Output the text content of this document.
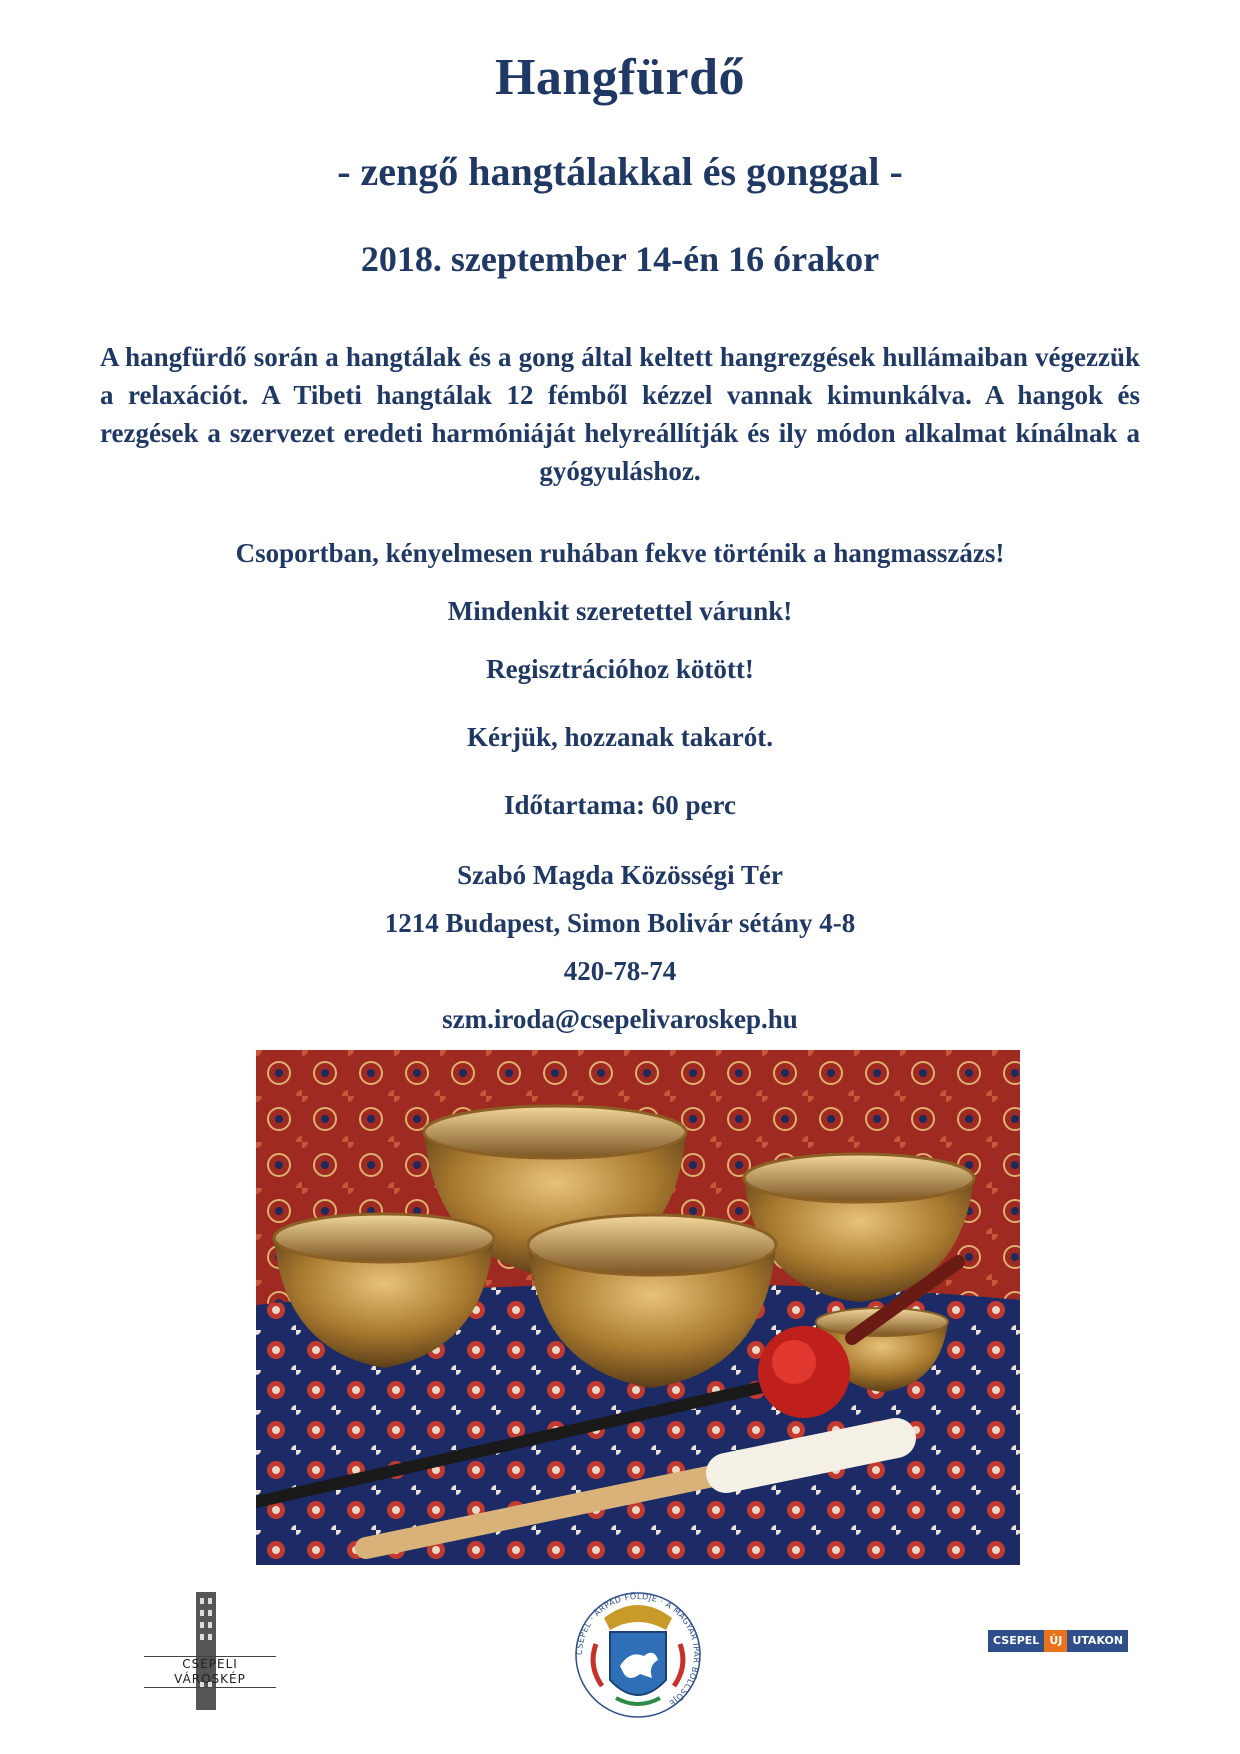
Hangfürdő
- zengő hangtálakkal és gonggal -
2018. szeptember 14-én 16 órakor
A hangfürdő során a hangtálak és a gong által keltett hangrezgések hullámaiban végezzük a relaxációt. A Tibeti hangtálak 12 fémből kézzel vannak kimunkálva. A hangok és rezgések a szervezet eredeti harmóniáját helyreállítják és ily módon alkalmat kínálnak a gyógyuláshoz.
Csoportban, kényelmesen ruhában fekve történik a hangmasszázs!
Mindenkit szeretettel várunk!
Regisztrációhoz kötött!
Kérjük, hozzanak takarót.
Időtartama: 60 perc
Szabó Magda Közösségi Tér
1214 Budapest, Simon Bolivár sétány 4-8
420-78-74
szm.iroda@csepelivaroskep.hu
CSEPELI VÁROSKÉP
CSEPEL · ÁRPÁD FÖLDJE · A MAGYAR IPAR BÖLCSŐJE
CSEPEL ÚJ UTAKON
